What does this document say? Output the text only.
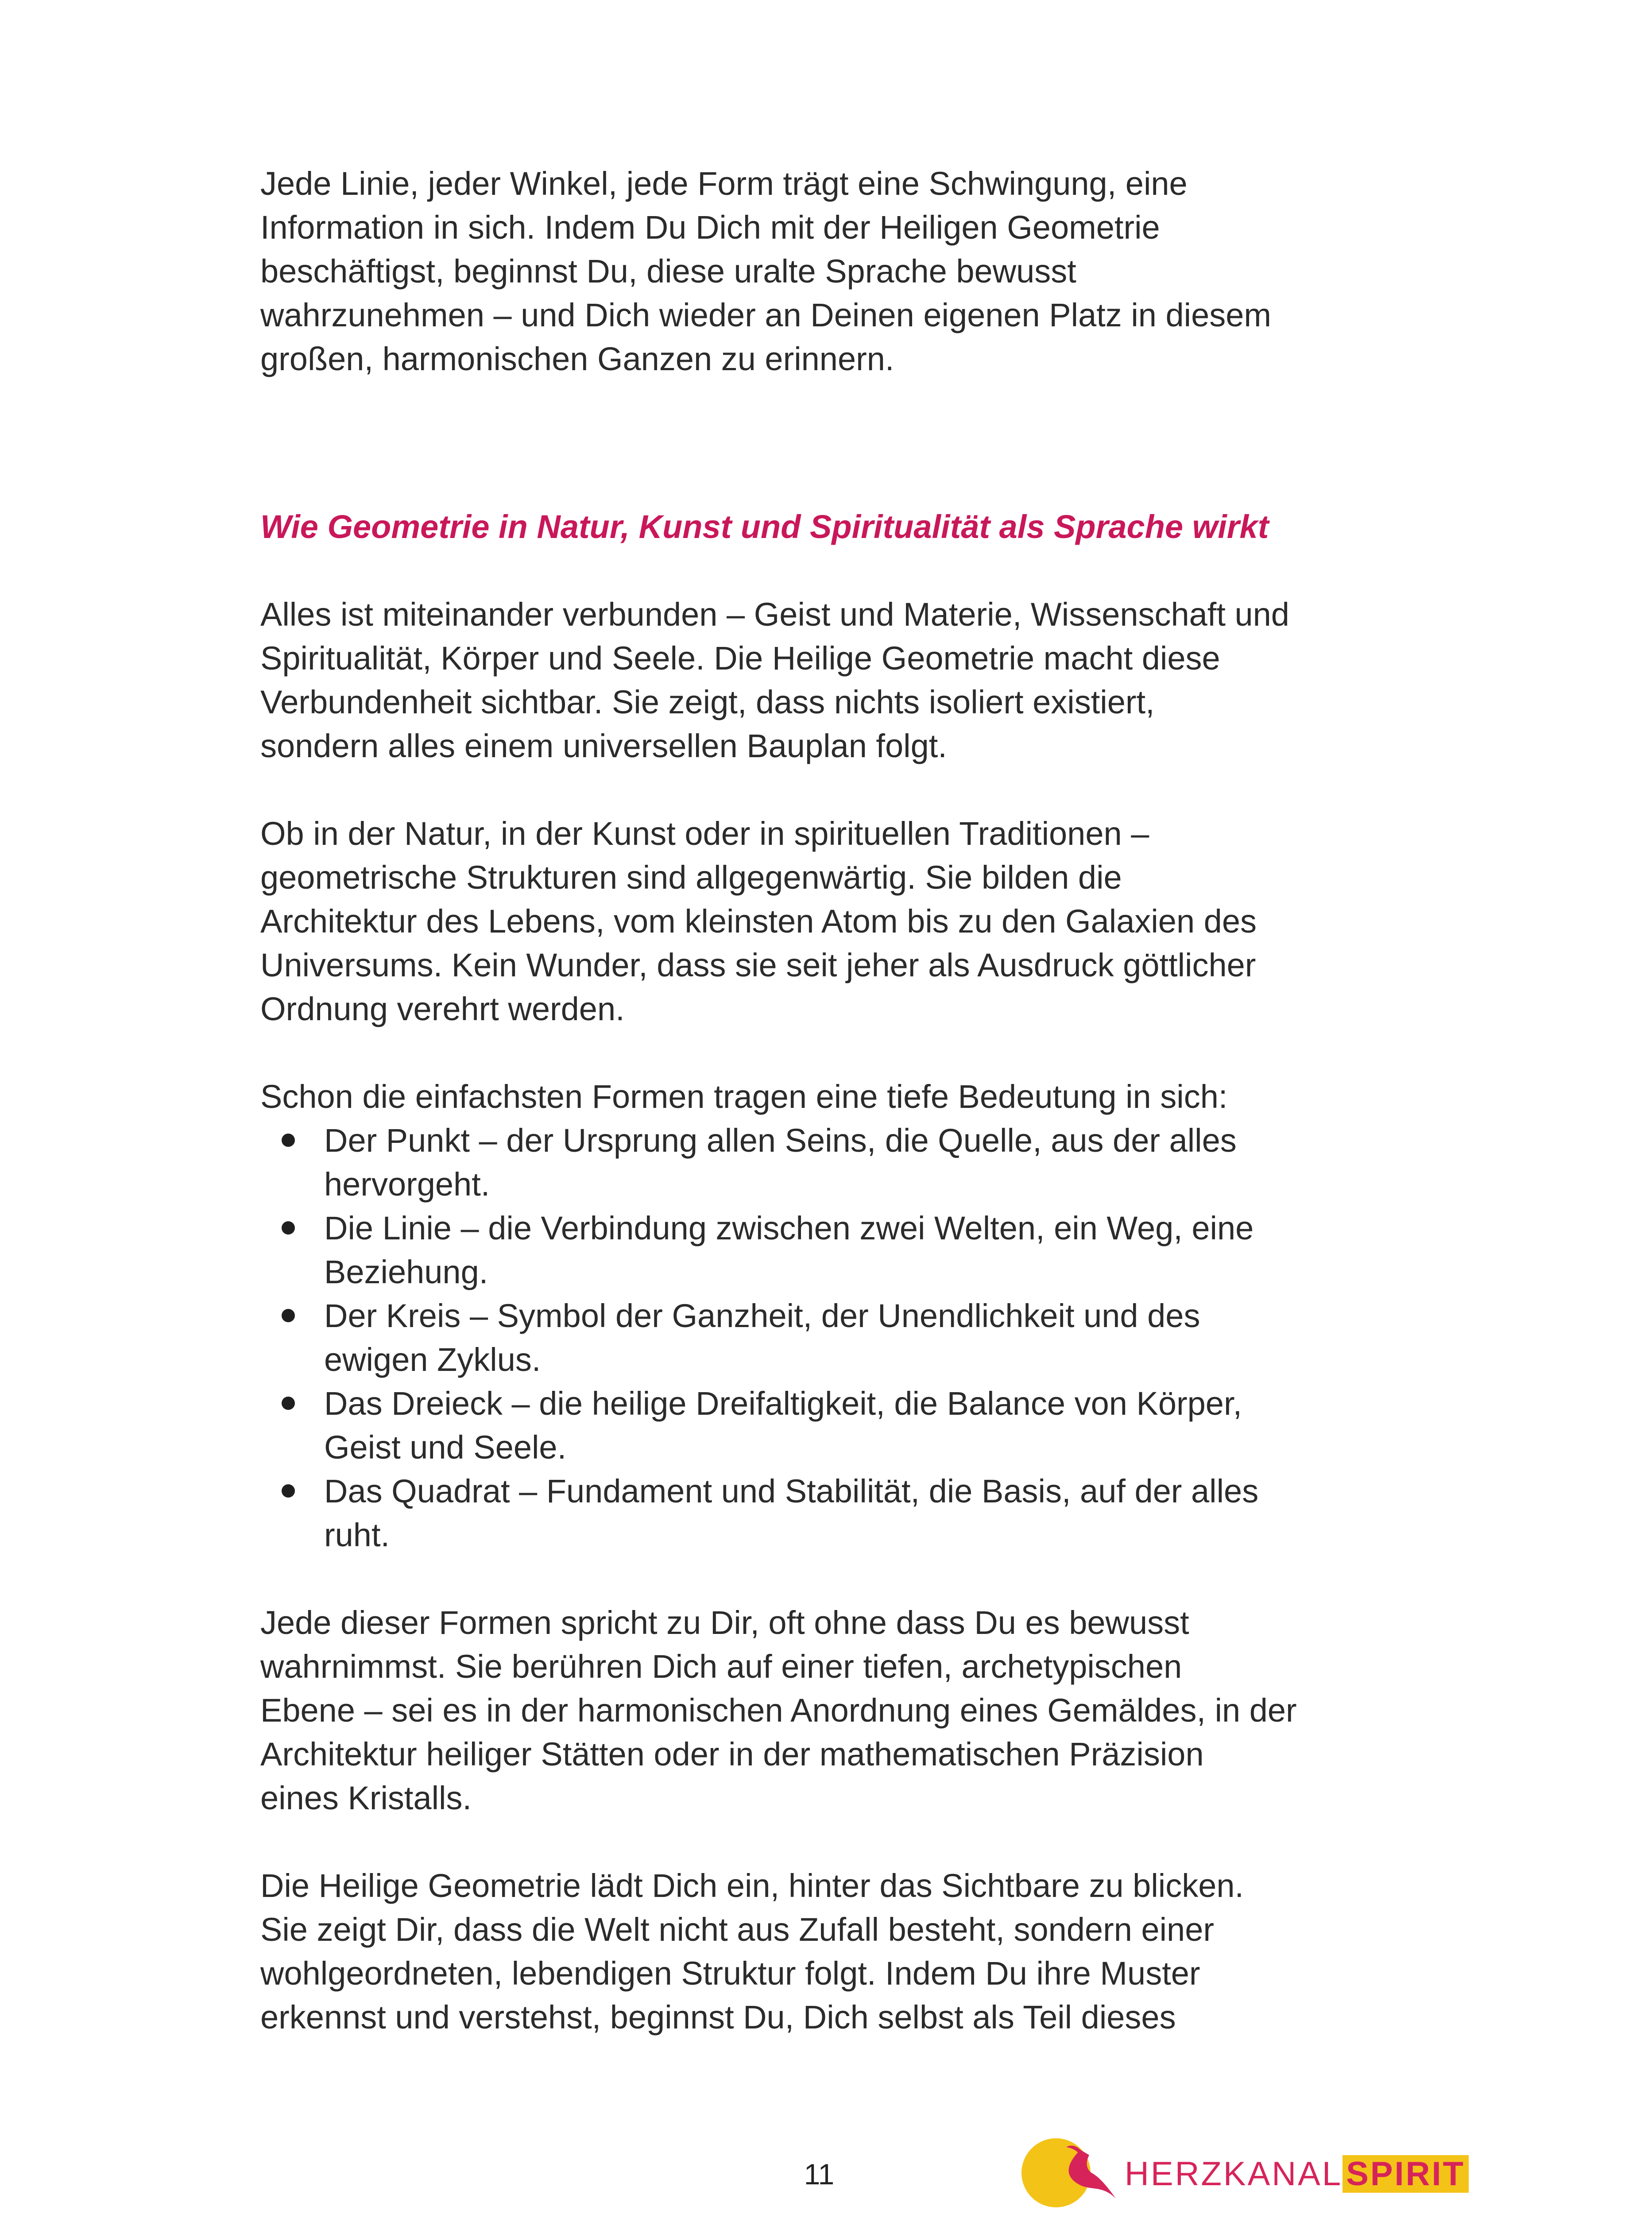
Jede Linie, jeder Winkel, jede Form trägt eine Schwingung, eine
Information in sich. Indem Du Dich mit der Heiligen Geometrie
beschäftigst, beginnst Du, diese uralte Sprache bewusst
wahrzunehmen – und Dich wieder an Deinen eigenen Platz in diesem
großen, harmonischen Ganzen zu erinnern.

Wie Geometrie in Natur, Kunst und Spiritualität als Sprache wirkt

Alles ist miteinander verbunden – Geist und Materie, Wissenschaft und
Spiritualität, Körper und Seele. Die Heilige Geometrie macht diese
Verbundenheit sichtbar. Sie zeigt, dass nichts isoliert existiert,
sondern alles einem universellen Bauplan folgt.

Ob in der Natur, in der Kunst oder in spirituellen Traditionen –
geometrische Strukturen sind allgegenwärtig. Sie bilden die
Architektur des Lebens, vom kleinsten Atom bis zu den Galaxien des
Universums. Kein Wunder, dass sie seit jeher als Ausdruck göttlicher
Ordnung verehrt werden.

Schon die einfachsten Formen tragen eine tiefe Bedeutung in sich:

Der Punkt – der Ursprung allen Seins, die Quelle, aus der alles
hervorgeht.
Die Linie – die Verbindung zwischen zwei Welten, ein Weg, eine
Beziehung.
Der Kreis – Symbol der Ganzheit, der Unendlichkeit und des
ewigen Zyklus.
Das Dreieck – die heilige Dreifaltigkeit, die Balance von Körper,
Geist und Seele.
Das Quadrat – Fundament und Stabilität, die Basis, auf der alles
ruht.

Jede dieser Formen spricht zu Dir, oft ohne dass Du es bewusst
wahrnimmst. Sie berühren Dich auf einer tiefen, archetypischen
Ebene – sei es in der harmonischen Anordnung eines Gemäldes, in der
Architektur heiliger Stätten oder in der mathematischen Präzision
eines Kristalls.

Die Heilige Geometrie lädt Dich ein, hinter das Sichtbare zu blicken.
Sie zeigt Dir, dass die Welt nicht aus Zufall besteht, sondern einer
wohlgeordneten, lebendigen Struktur folgt. Indem Du ihre Muster
erkennst und verstehst, beginnst Du, Dich selbst als Teil dieses

11	HERZKANAL SPIRIT
